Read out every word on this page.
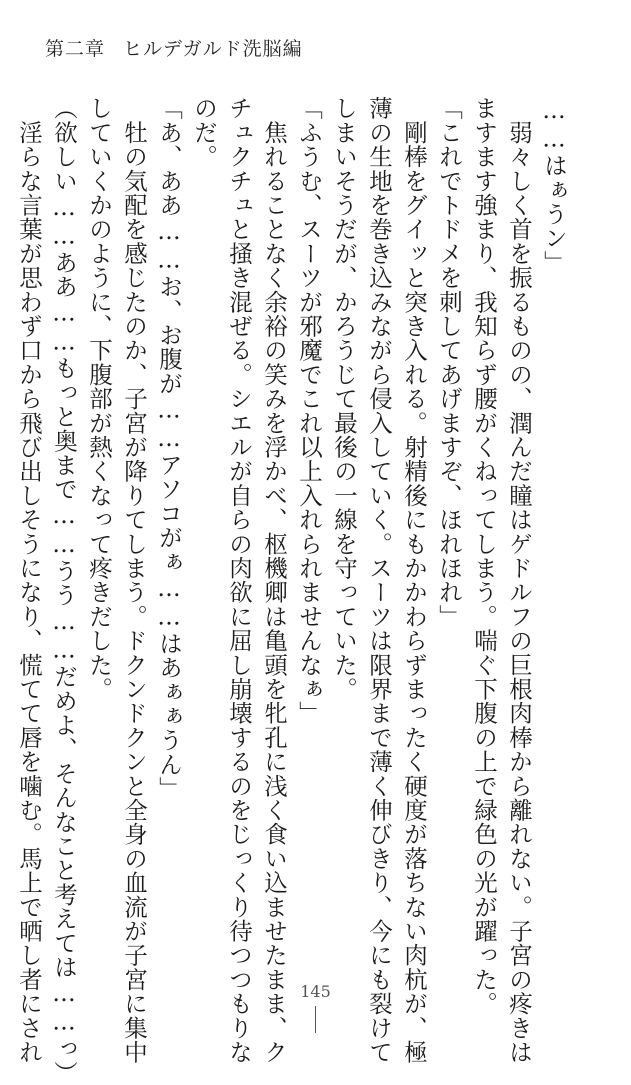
第二章 ヒルデガルド洗脳編
……はぁうン」
　弱々しく首を振るものの、潤んだ瞳はゲドルフの巨根肉棒から離れない。子宮の疼きは
ますます強まり、我知らず腰がくねってしまう。喘ぐ下腹の上で緑色の光が躍った。
「これでトドメを刺してあげますぞ、ほれほれ」
　剛棒をグイッと突き入れる。射精後にもかかわらずまったく硬度が落ちない肉杭が、極
薄の生地を巻き込みながら侵入していく。スーツは限界まで薄く伸びきり、今にも裂けて
しまいそうだが、かろうじて最後の一線を守っていた。
「ふうむ、スーツが邪魔でこれ以上入れられませんなぁ」
　焦れることなく余裕の笑みを浮かべ、枢機卿は亀頭を牝孔に浅く食い込ませたまま、ク
チュクチュと掻き混ぜる。シエルが自らの肉欲に屈し崩壊するのをじっくり待つつもりな
のだ。
「あ、ああ……お、お腹が……アソコがぁ……はあぁぁうん」
　牡の気配を感じたのか、子宮が降りてしまう。ドクンドクンと全身の血流が子宮に集中
していくかのように、下腹部が熱くなって疼きだした。
（欲しい……ああ……もっと奥まで……うう……だめよ、そんなこと考えては……っ）
　淫らな言葉が思わず口から飛び出しそうになり、慌てて唇を噛む。馬上で晒し者にされ	145
